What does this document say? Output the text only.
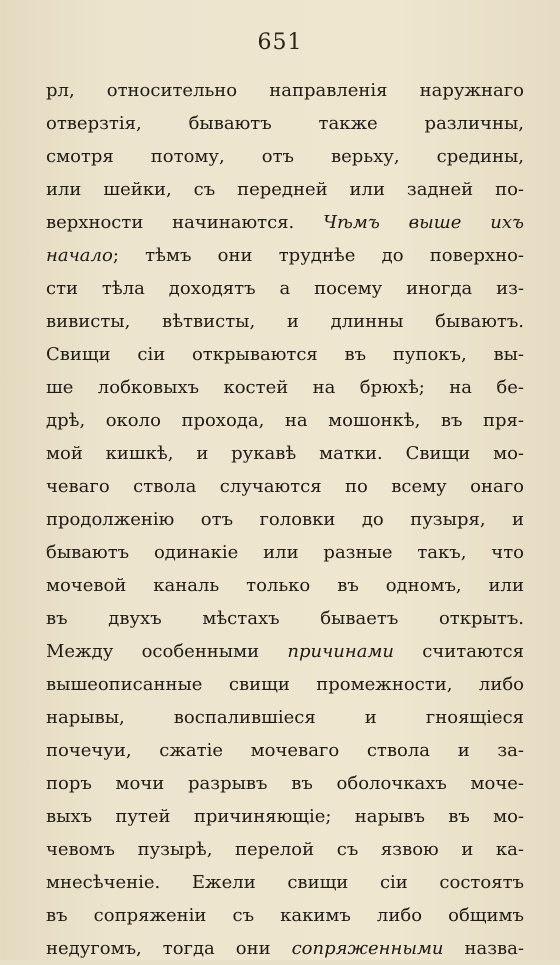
651
рл, относительно направленія наружнаго
отверзтія, бываютъ также различны,
смотря потому, отъ верьху, средины,
или шейки, съ передней или задней по-
верхности начинаются. Чѣмъ выше ихъ
начало; тѣмъ они труднѣе до поверхно-
сти тѣла доходятъ а посему иногда из-
вивисты, вѣтвисты, и длинны бываютъ.
Свищи сіи открываются въ пупокъ, вы-
ше лобковыхъ костей на брюхѣ; на бе-
дрѣ, около прохода, на мошонкѣ, въ пря-
мой кишкѣ, и рукавѣ матки. Свищи мо-
чеваго ствола случаются по всему онаго
продолженію отъ головки до пузыря, и
бываютъ одинакіе или разные такъ, что
мочевой каналь только въ одномъ, или
въ двухъ мѣстахъ бываетъ открытъ.
Между особенными причинами считаются
вышеописанные свищи промежности, либо
нарывы, воспалившіеся и гноящіеся
почечуи, сжатіе мочеваго ствола и за-
поръ мочи разрывъ въ оболочкахъ моче-
выхъ путей причиняющіе; нарывъ въ мо-
чевомъ пузырѣ, перелой съ язвою и ка-
мнесѣченіе. Ежели свищи сіи состоятъ
въ сопряженіи съ какимъ либо общимъ
недугомъ, тогда они сопряженными назва-
